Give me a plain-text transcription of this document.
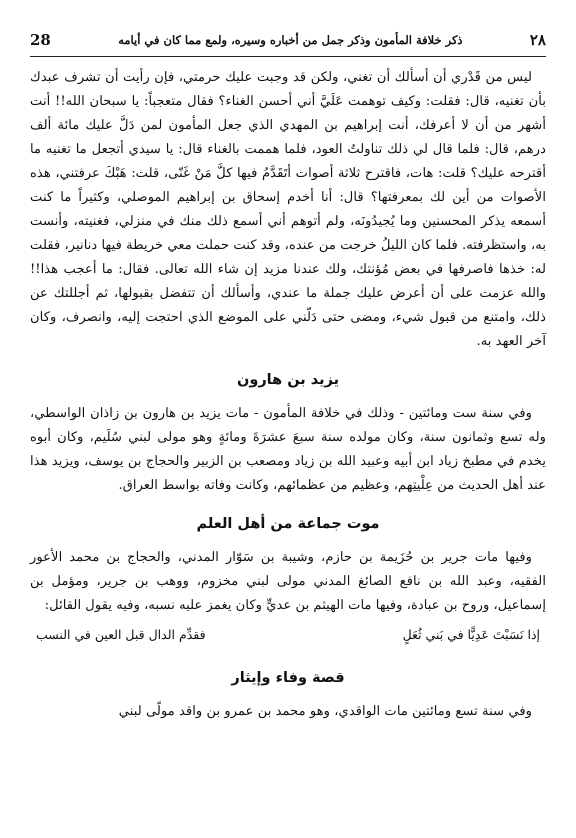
٢٨
ذكر خلافة المأمون وذكر جمل من أخباره وسيره، ولمع مما كان في أيامه
28

ليس من قَدْري أن أسألك أن تغني، ولكن قد وجبت عليك حرمتي، فإن رأيت أن تشرف عبدك بأن تغنيه، قال: فقلت: وكيف توهمت عَلَيَّ أني أحسن الغناء؟ فقال متعجباً: يا سبحان الله!! أنت أشهر من أن لا أعرفك، أنت إبراهيم بن المهدي الذي جعل المأمون لمن دَلَّ عليك مائة ألف درهم، قال: فلما قال لي ذلك تناولتُ العود، فلما هممت بالغناء قال: يا سيدي أتجعل ما تغنيه ما أقترحه عليك؟ قلت: هات، فاقترح ثلاثة أصوات أتَقَدَّمُ فيها كلَّ مَنْ غَنّى، قلت: هَبْكَ عرفتني، هذه الأصوات من أين لك بمعرفتها؟ قال: أنا أخدم إسحاق بن إبراهيم الموصلي، وكثيراً ما كنت أسمعه يذكر المحسنين وما يُجيدُونَه، ولم أتوهم أني أسمع ذلك منك في منزلي، فغنيته، وأنست به، واستظرفته. فلما كان الليلُ خرجت من عنده، وقد كنت حملت معي خريطة فيها دنانير، فقلت له: خذها فاصرفها في بعض مُؤنتك، ولك عندنا مزيد إن شاء الله تعالى. فقال: ما أعجب هذا!! والله عزمت على أن أعرض عليك جملة ما عندي، وأسألك أن تتفضل بقبولها، ثم أجللتك عن ذلك، وامتنع من قبول شيء، ومضى حتى دَلّني على الموضع الذي احتجت إليه، وانصرف، وكان آخر العهد به.

يزيد بن هارون

وفي سنة ست ومائتين - وذلك في خلافة المأمون - مات يزيد بن هارون بن زاذان الواسطي، وله تسع وثمانون سنة، وكان مولده سنة سبعَ عشرَةَ ومائةٍ وهو مولى لبني سُلَيم، وكان أبوه يخدم في مطبخ زياد ابن أبيه وعبيد الله بن زياد ومصعب بن الزبير والحجاج بن يوسف، ويزيد هذا عند أهل الحديث من عِلْيتِهم، وعظيم من عظمائهم، وكانت وفاته بواسط العراق.

موت جماعة من أهل العلم

وفيها مات جرير بن حُزَيمة بن حازم، وشيبة بن سَوّار المدني، والحجاج بن محمد الأعور الفقيه، وعبد الله بن نافع الصائغ المدني مولى لبني مخزوم، ووهب بن جرير، ومؤمل بن إسماعيل، وروح بن عبادة، وفيها مات الهيثم بن عديٍّ وكان يغمز عليه نسبه، وفيه يقول القائل:

إذا نَسَبْتَ عَدِيًّا في بَني ثُعَلٍ
فقدِّم الدال قبل العين في النسب
قصة وفاء وإيثار

وفي سنة تسع ومائتين مات الواقدي، وهو محمد بن عمرو بن واقد مولًى لبني
